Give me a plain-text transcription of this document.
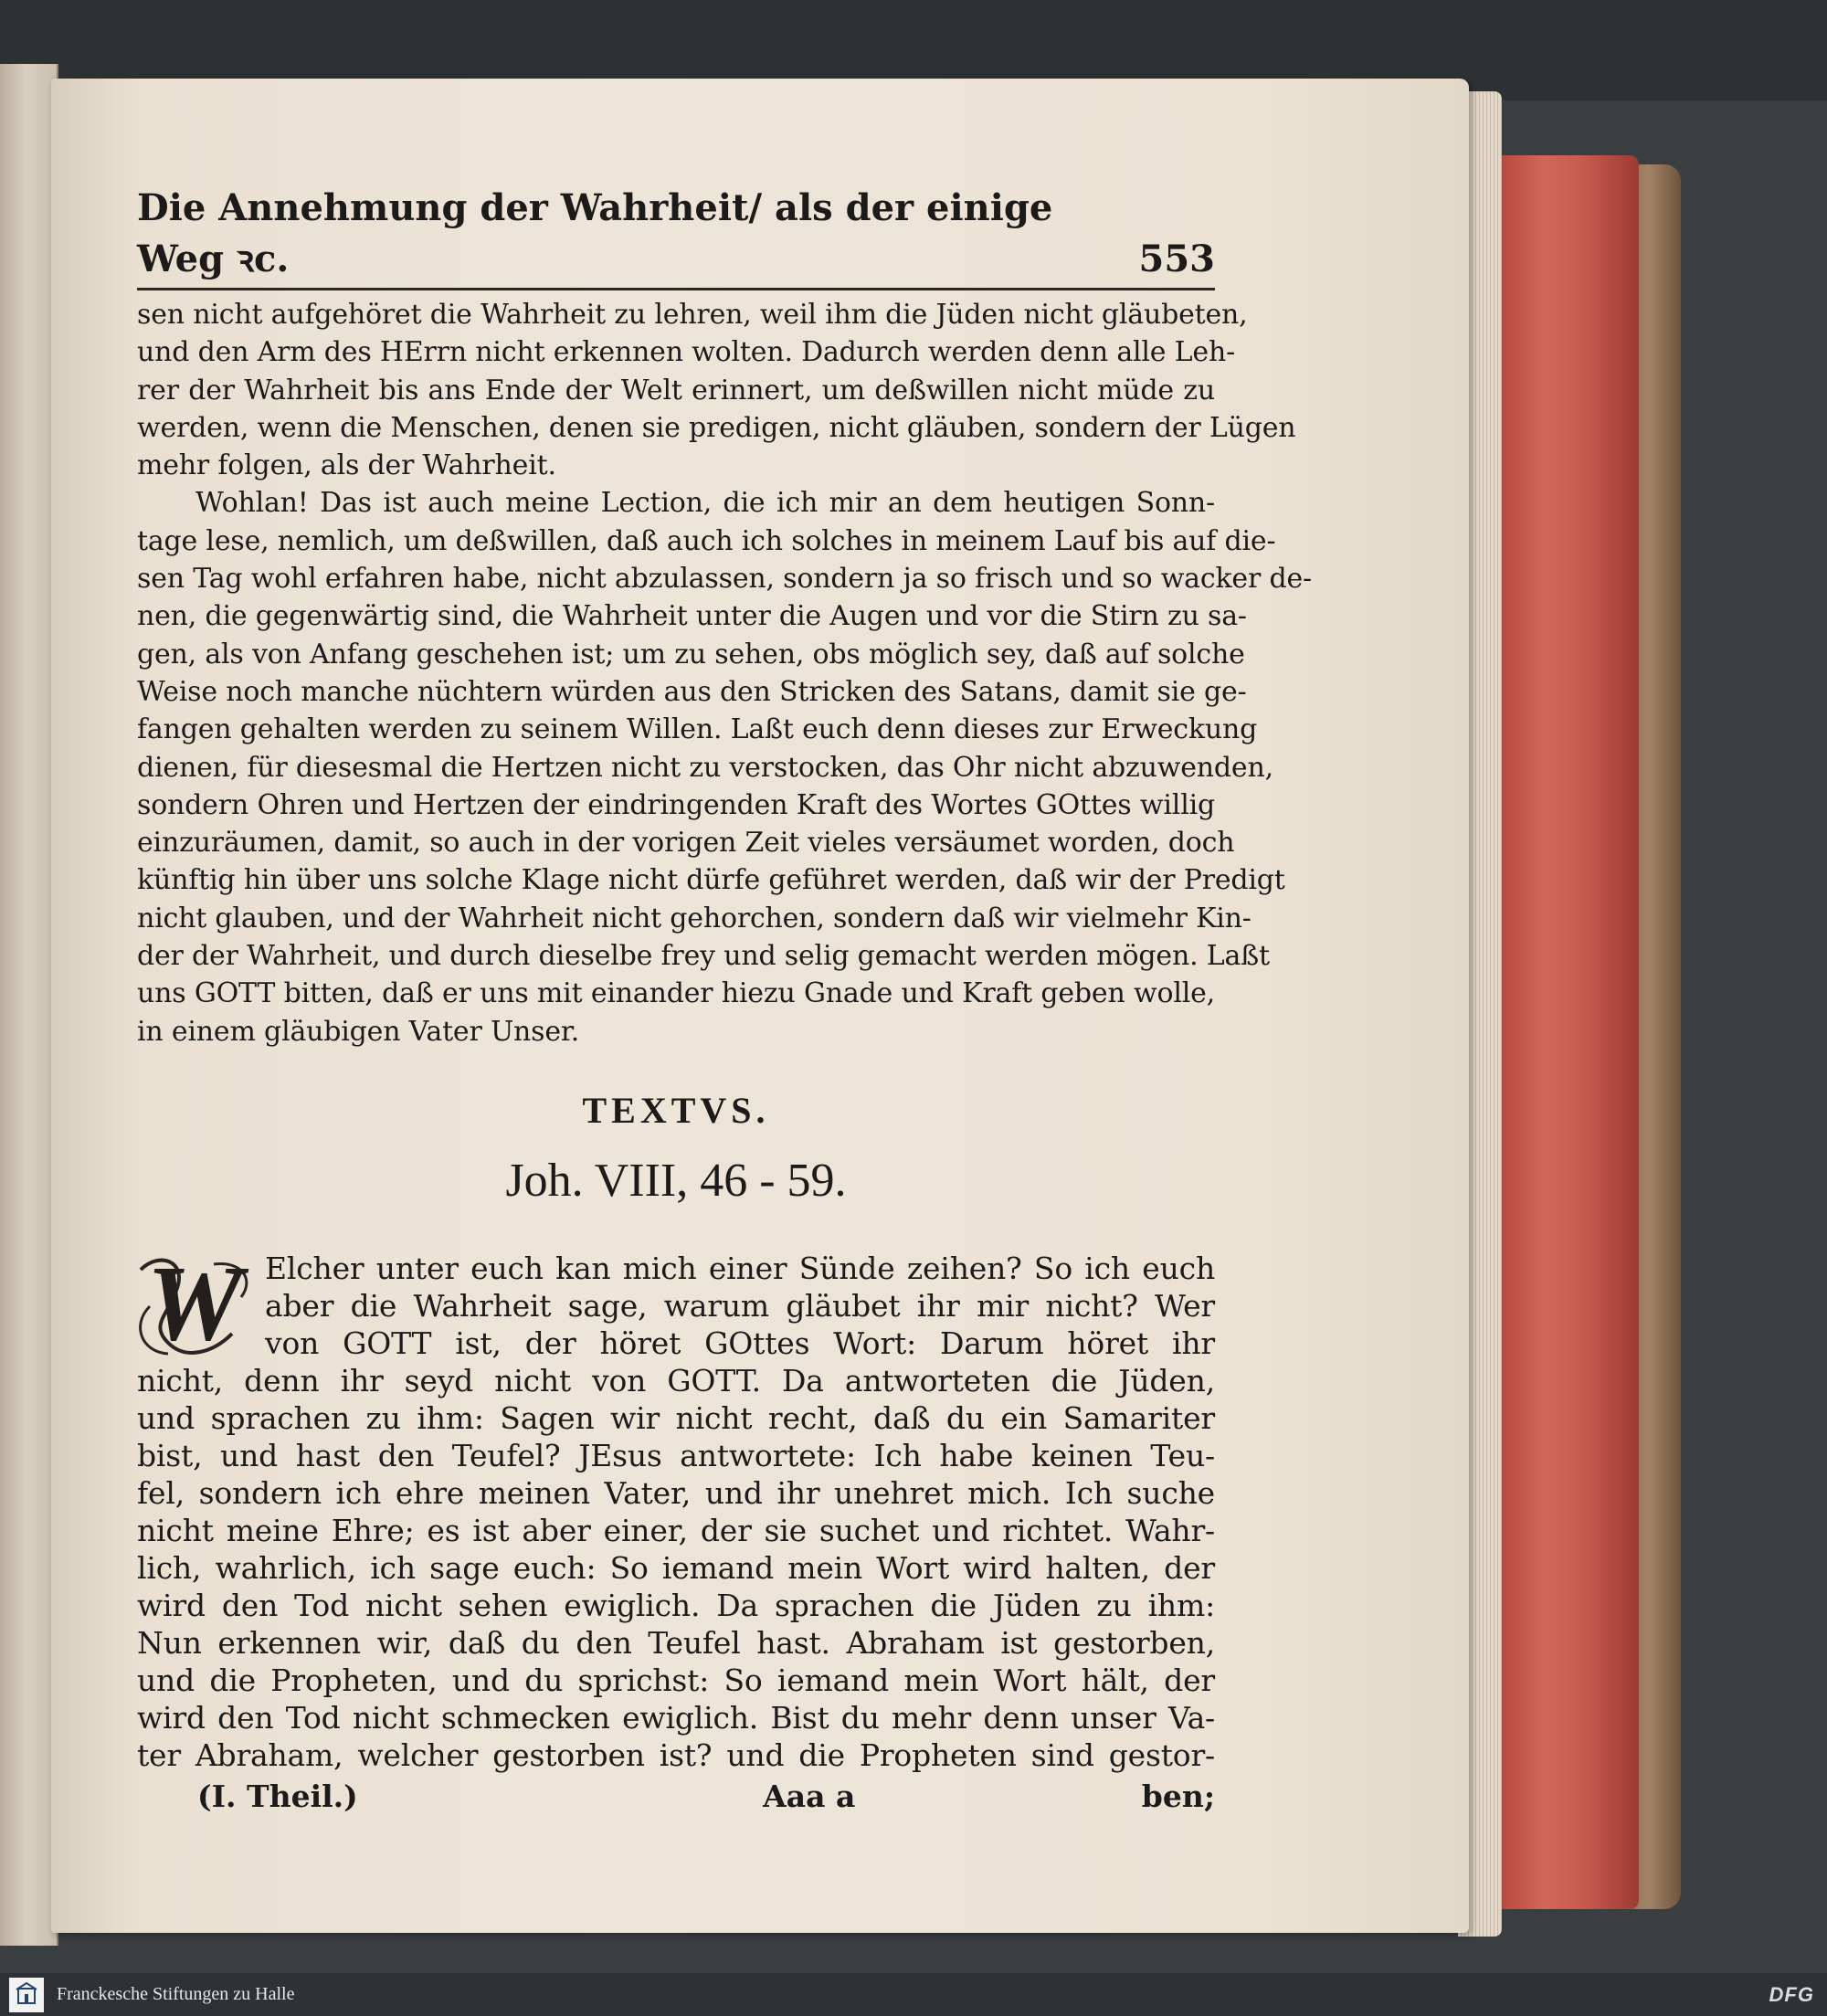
Die Annehmung der Wahrheit/ als der einige Weg ꝛc.	553
sen nicht aufgehöret die Wahrheit zu lehren, weil ihm die Jüden nicht gläubeten,
und den Arm des HErrn nicht erkennen wolten. Dadurch werden denn alle Leh-
rer der Wahrheit bis ans Ende der Welt erinnert, um deßwillen nicht müde zu
werden, wenn die Menschen, denen sie predigen, nicht gläuben, sondern der Lügen
mehr folgen, als der Wahrheit.
Wohlan! Das ist auch meine Lection, die ich mir an dem heutigen Sonn-
tage lese, nemlich, um deßwillen, daß auch ich solches in meinem Lauf bis auf die-
sen Tag wohl erfahren habe, nicht abzulassen, sondern ja so frisch und so wacker de-
nen, die gegenwärtig sind, die Wahrheit unter die Augen und vor die Stirn zu sa-
gen, als von Anfang geschehen ist; um zu sehen, obs möglich sey, daß auf solche
Weise noch manche nüchtern würden aus den Stricken des Satans, damit sie ge-
fangen gehalten werden zu seinem Willen. Laßt euch denn dieses zur Erweckung
dienen, für diesesmal die Hertzen nicht zu verstocken, das Ohr nicht abzuwenden,
sondern Ohren und Hertzen der eindringenden Kraft des Wortes GOttes willig
einzuräumen, damit, so auch in der vorigen Zeit vieles versäumet worden, doch
künftig hin über uns solche Klage nicht dürfe geführet werden, daß wir der Predigt
nicht glauben, und der Wahrheit nicht gehorchen, sondern daß wir vielmehr Kin-
der der Wahrheit, und durch dieselbe frey und selig gemacht werden mögen. Laßt
uns GOTT bitten, daß er uns mit einander hiezu Gnade und Kraft geben wolle,
in einem gläubigen Vater Unser.
TEXTVS.
Joh. VIII, 46 - 59.
W Elcher unter euch kan mich einer Sünde zeihen? So ich euch
aber die Wahrheit sage, warum gläubet ihr mir nicht? Wer
von GOTT ist, der höret GOttes Wort: Darum höret ihr
nicht, denn ihr seyd nicht von GOTT. Da antworteten die Jüden,
und sprachen zu ihm: Sagen wir nicht recht, daß du ein Samariter
bist, und hast den Teufel? JEsus antwortete: Ich habe keinen Teu-
fel, sondern ich ehre meinen Vater, und ihr unehret mich. Ich suche
nicht meine Ehre; es ist aber einer, der sie suchet und richtet. Wahr-
lich, wahrlich, ich sage euch: So iemand mein Wort wird halten, der
wird den Tod nicht sehen ewiglich. Da sprachen die Jüden zu ihm:
Nun erkennen wir, daß du den Teufel hast. Abraham ist gestorben,
und die Propheten, und du sprichst: So iemand mein Wort hält, der
wird den Tod nicht schmecken ewiglich. Bist du mehr denn unser Va-
ter Abraham, welcher gestorben ist? und die Propheten sind gestor-
(I. Theil.)	Aaa a	ben;
Franckesche Stiftungen zu Halle	DFG
